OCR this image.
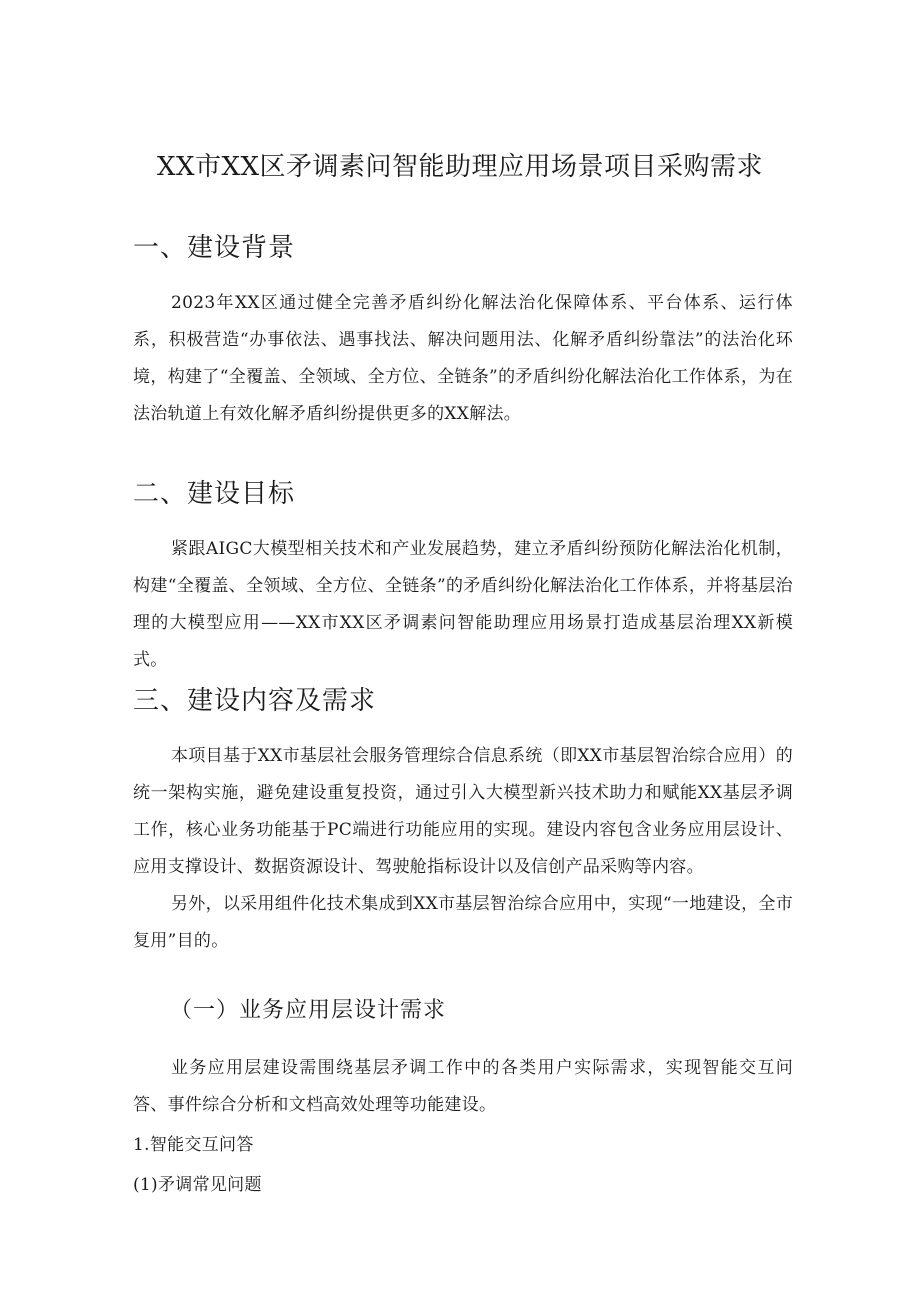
XX市XX区矛调素问智能助理应用场景项目采购需求
一、建设背景

2023年XX区通过健全完善矛盾纠纷化解法治化保障体系、平台体系、运行体系，积极营造“办事依法、遇事找法、解决问题用法、化解矛盾纠纷靠法”的法治化环境，构建了“全覆盖、全领域、全方位、全链条”的矛盾纠纷化解法治化工作体系，为在法治轨道上有效化解矛盾纠纷提供更多的XX解法。

二、建设目标

紧跟AIGC大模型相关技术和产业发展趋势，建立矛盾纠纷预防化解法治化机制，构建“全覆盖、全领域、全方位、全链条”的矛盾纠纷化解法治化工作体系，并将基层治理的大模型应用——XX市XX区矛调素问智能助理应用场景打造成基层治理XX新模式。

三、建设内容及需求

本项目基于XX市基层社会服务管理综合信息系统（即XX市基层智治综合应用）的统一架构实施，避免建设重复投资，通过引入大模型新兴技术助力和赋能XX基层矛调工作，核心业务功能基于PC端进行功能应用的实现。建设内容包含业务应用层设计、应用支撑设计、数据资源设计、驾驶舱指标设计以及信创产品采购等内容。

另外，以采用组件化技术集成到XX市基层智治综合应用中，实现“一地建设，全市复用”目的。

（一）业务应用层设计需求

业务应用层建设需围绕基层矛调工作中的各类用户实际需求，实现智能交互问答、事件综合分析和文档高效处理等功能建设。

1.智能交互问答

(1)矛调常见问题
